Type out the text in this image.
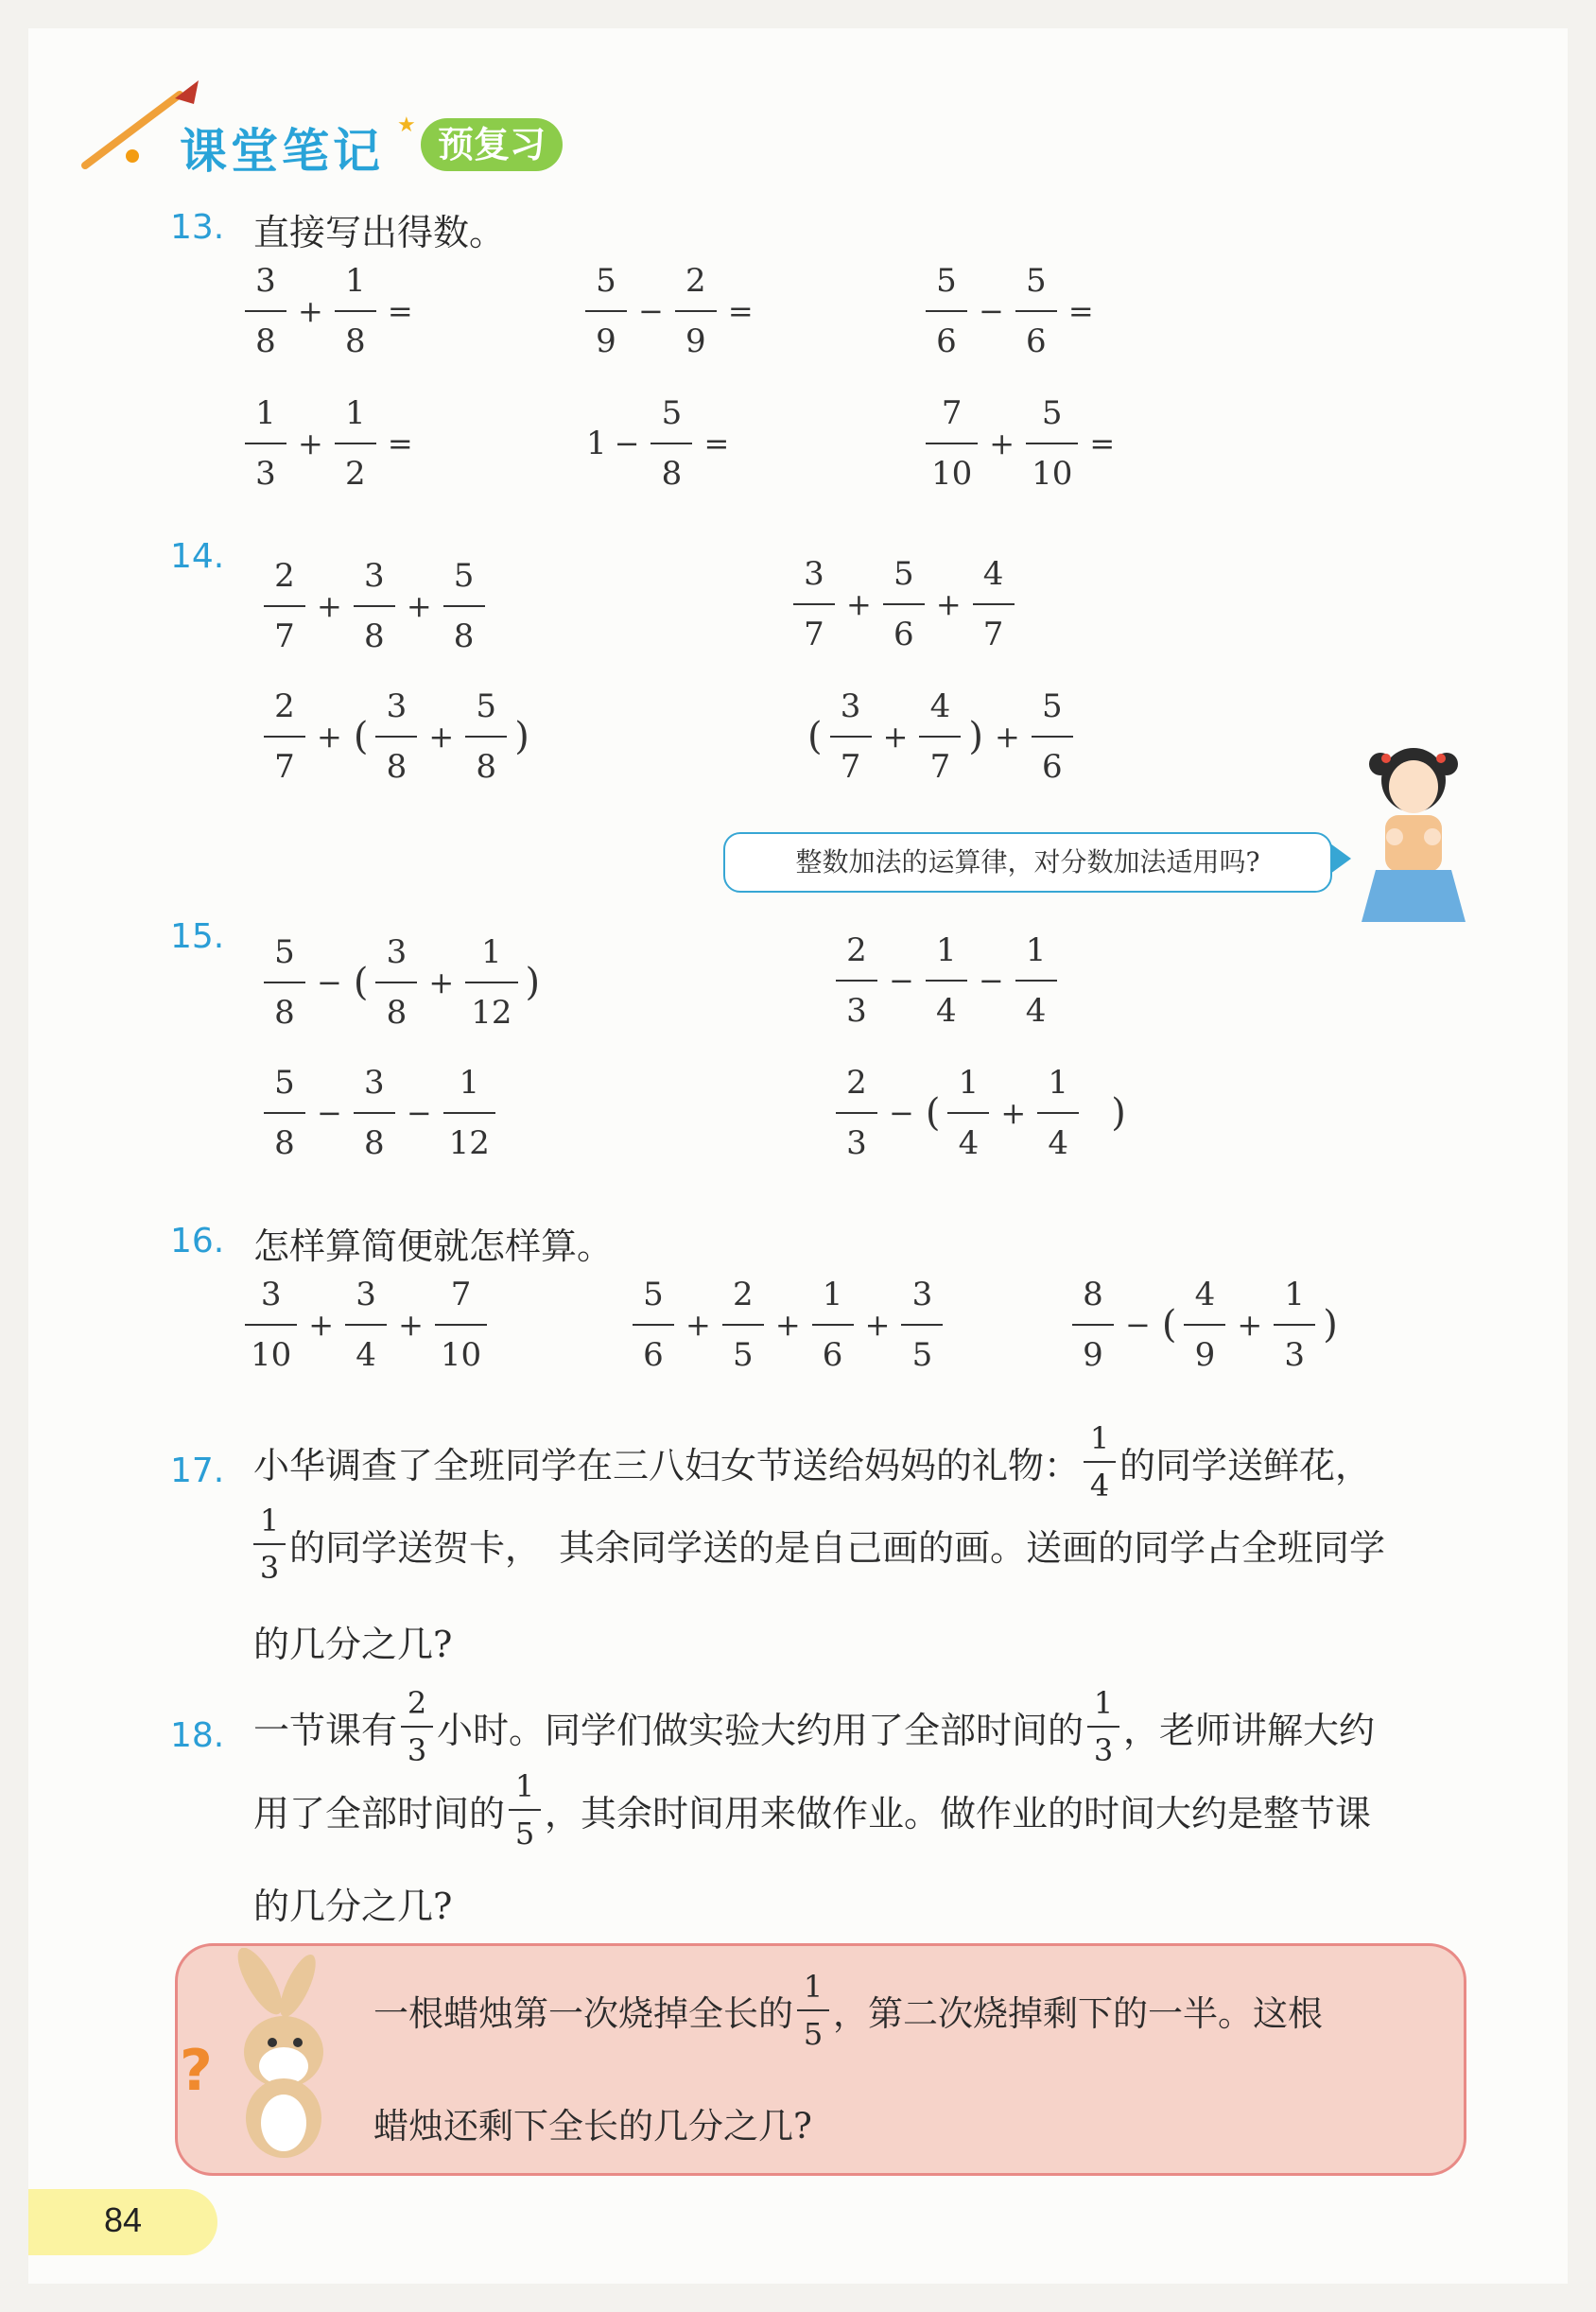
课堂笔记 ★ 预复习
13. 直接写出得数。
$\frac{3}{8} + \frac{1}{8}$ =	$\frac{5}{9} - \frac{2}{9}$ =	$\frac{5}{6} - \frac{5}{6}$ =
$\frac{1}{3} + \frac{1}{2}$ =	$1 - \frac{5}{8}$ =	$\frac{7}{10} + \frac{5}{10}$ =
14.
$\frac{2}{7} + \frac{3}{8} + \frac{5}{8}$	$\frac{3}{7} + \frac{5}{6} + \frac{4}{7}$
$\frac{2}{7}$ + ( $\frac{3}{8} + \frac{5}{8}$ )	( $\frac{3}{7} + \frac{4}{7}$ ) + $\frac{5}{6}$
整数加法的运算律，对分数加法适用吗?
15. $\frac{5}{8}$ − ( $\frac{3}{8} + \frac{1}{12}$ )	$\frac{2}{3} - \frac{1}{4} - \frac{1}{4}$
$\frac{5}{8} - \frac{3}{8} - \frac{1}{12}$	$\frac{2}{3}$ − ( $\frac{1}{4} + \frac{1}{4}$ )
16. 怎样算简便就怎样算。
$\frac{3}{10} + \frac{3}{4} + \frac{7}{10}$	$\frac{5}{6} + \frac{2}{5} + \frac{1}{6} + \frac{3}{5}$	$\frac{8}{9}$ − ( $\frac{4}{9} + \frac{1}{3}$ )
17. 小华调查了全班同学在三八妇女节送给妈妈的礼物：
1
4 的同学送鲜花，
1
3 的同学送贺卡，　其余同学送的是自己画的画。送画的同学占全班同学
的几分之几?
18. 一节课有
2
3 小时。同学们做实验大约用了全部时间的
1
3 ，老师讲解大约
用了全部时间的
1
5 ，其余时间用来做作业。做作业的时间大约是整节课
的几分之几?
?
一根蜡烛第一次烧掉全长的
1
5 ，第二次烧掉剩下的一半。这根
蜡烛还剩下全长的几分之几?
84
